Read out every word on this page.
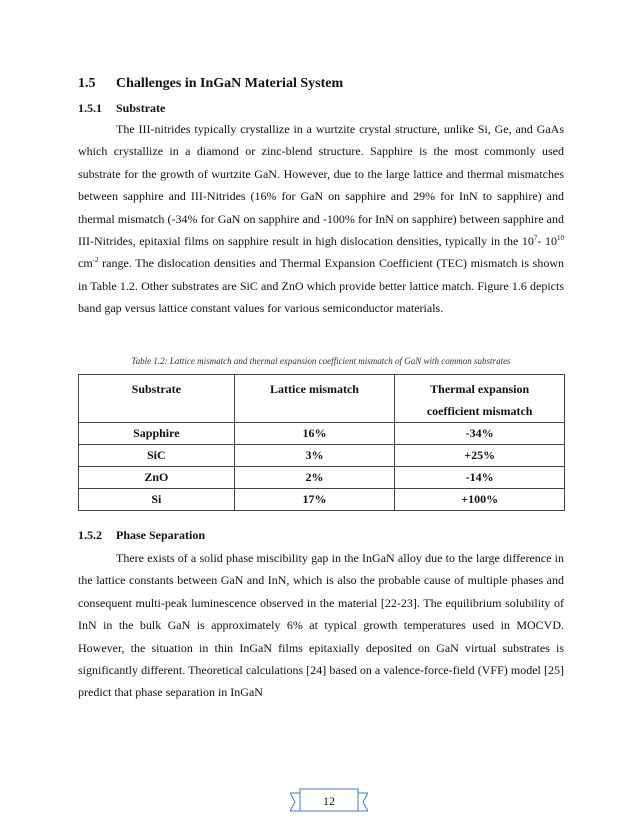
1.5 Challenges in InGaN Material System
1.5.1 Substrate

The III-nitrides typically crystallize in a wurtzite crystal structure, unlike Si, Ge, and GaAs which crystallize in a diamond or zinc-blend structure. Sapphire is the most commonly used substrate for the growth of wurtzite GaN. However, due to the large lattice and thermal mismatches between sapphire and III-Nitrides (16% for GaN on sapphire and 29% for InN to sapphire) and thermal mismatch (-34% for GaN on sapphire and -100% for InN on sapphire) between sapphire and III-Nitrides, epitaxial films on sapphire result in high dislocation densities, typically in the $10^7-$ $10^{10}$ $cm^{-2}$ range. The dislocation densities and Thermal Expansion Coefficient (TEC) mismatch is shown in Table 1.2. Other substrates are SiC and ZnO which provide better lattice match. Figure 1.6 depicts band gap versus lattice constant values for various semiconductor materials.

Table 1.2: Lattice mismatch and thermal expansion coefficient mismatch of GaN with common substrates
Substrate	Lattice mismatch	Thermal expansion
coefficient mismatch

Sapphire	16%	-34%
SiC	3%	+25%
ZnO	2%	-14%
Si	17%	+100%
1.5.2 Phase Separation

There exists of a solid phase miscibility gap in the InGaN alloy due to the large difference in the lattice constants between GaN and InN, which is also the probable cause of multiple phases and consequent multi-peak luminescence observed in the material [22-23]. The equilibrium solubility of InN in the bulk GaN is approximately 6% at typical growth temperatures used in MOCVD. However, the situation in thin InGaN films epitaxially deposited on GaN virtual substrates is significantly different. Theoretical calculations [24] based on a valence-force-field (VFF) model [25] predict that phase separation in InGaN

12
